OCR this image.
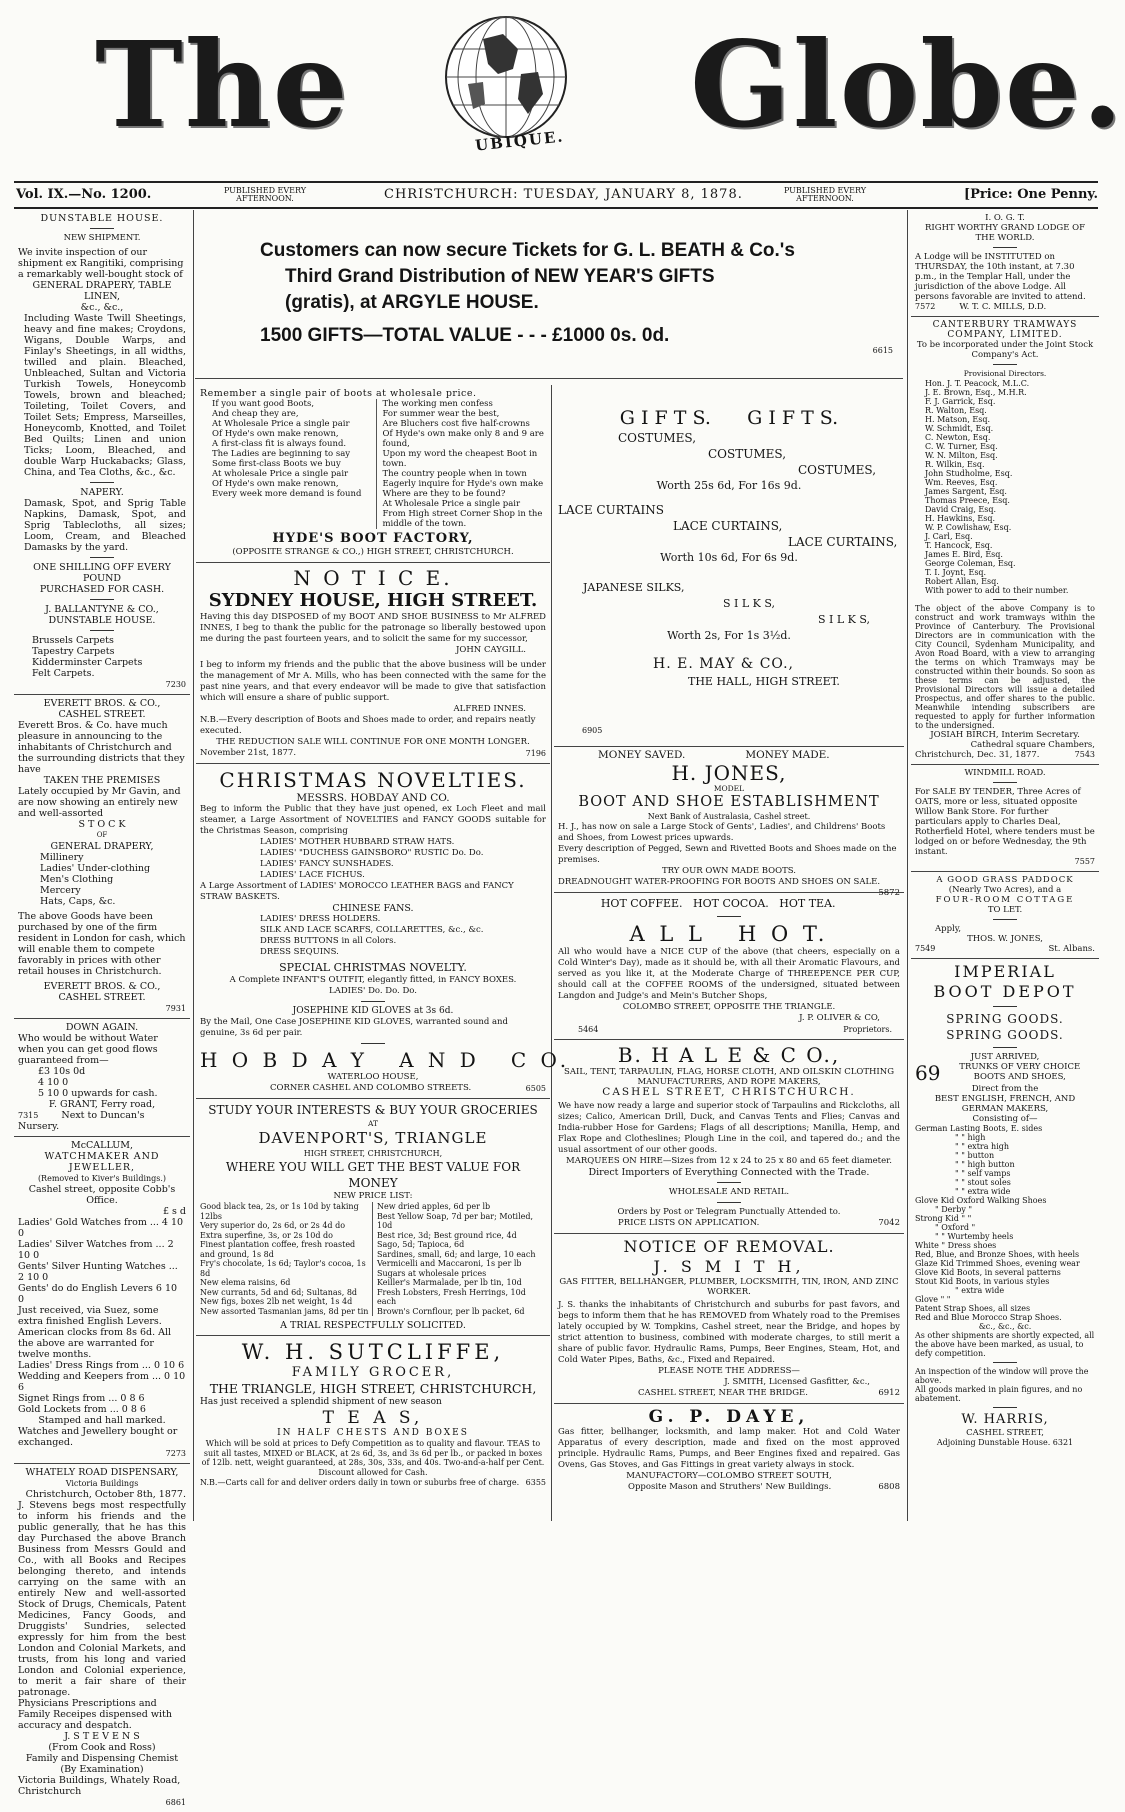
The	UBIQUE. Globe.
Vol. IX.—No. 1200.	PUBLISHED EVERY AFTERNOON.	CHRISTCHURCH: TUESDAY, JANUARY 8, 1878.	PUBLISHED EVERY AFTERNOON.	[Price: One Penny.

DUNSTABLE HOUSE.

NEW SHIPMENT.

We invite inspection of our shipment ex Rangitiki, comprising a remarkably well-bought stock of

GENERAL DRAPERY, TABLE LINEN,

&c., &c.,

Including Waste Twill Sheetings, heavy and fine makes; Croydons, Wigans, Double Warps, and Finlay's Sheetings, in all widths, twilled and plain. Bleached, Unbleached, Sultan and Victoria Turkish Towels, Honeycomb Towels, brown and bleached; Toileting, Toilet Covers, and Toilet Sets; Empress, Marseilles, Honeycomb, Knotted, and Toilet Bed Quilts; Linen and union Ticks; Loom, Bleached, and double Warp Huckabacks; Glass, China, and Tea Cloths, &c., &c.

NAPERY.

Damask, Spot, and Sprig Table Napkins, Damask, Spot, and Sprig Tablecloths, all sizes; Loom, Cream, and Bleached Damasks by the yard.

ONE SHILLING OFF EVERY POUND

PURCHASED FOR CASH.

J. BALLANTYNE & CO.,

DUNSTABLE HOUSE.

Brussels Carpets

Tapestry Carpets

Kidderminster Carpets

Felt Carpets.

7230

EVERETT BROS. & CO.,

CASHEL STREET.

Everett Bros. & Co. have much pleasure in announcing to the inhabitants of Christchurch and the surrounding districts that they have

TAKEN THE PREMISES

Lately occupied by Mr Gavin, and are now showing an entirely new and well-assorted

S T O C K

OF

GENERAL DRAPERY,

Millinery

Ladies' Under-clothing

Men's Clothing

Mercery

Hats, Caps, &c.

The above Goods have been purchased by one of the firm resident in London for cash, which will enable them to compete favorably in prices with other retail houses in Christchurch.

EVERETT BROS. & CO.,

CASHEL STREET.

7931

DOWN AGAIN.

Who would be without Water when you can get good flows guaranteed from—

£3 10s 0d

4 10 0

5 10 0 upwards for cash.

F. GRANT, Ferry road,

7315 Next to Duncan's Nursery.

McCALLUM,

WATCHMAKER AND JEWELLER,

(Removed to Kiver's Buildings.)

Cashel street, opposite Cobb's Office.

£ s d

Ladies' Gold Watches from ... 4 10 0

Ladies' Silver Watches from ... 2 10 0

Gents' Silver Hunting Watches ... 2 10 0

Gents' do do English Levers 6 10 0

Just received, via Suez, some extra finished English Levers. American clocks from 8s 6d. All the above are warranted for twelve months.

Ladies' Dress Rings from ... 0 10 6

Wedding and Keepers from ... 0 10 6

Signet Rings from ... 0 8 6

Gold Lockets from ... 0 8 6

Stamped and hall marked.

Watches and Jewellery bought or exchanged.

7273

WHATELY ROAD DISPENSARY,

Victoria Buildings

Christchurch, October 8th, 1877.

J. Stevens begs most respectfully to inform his friends and the public generally, that he has this day Purchased the above Branch Business from Messrs Gould and Co., with all Books and Recipes belonging thereto, and intends carrying on the same with an entirely New and well-assorted Stock of Drugs, Chemicals, Patent Medicines, Fancy Goods, and Druggists' Sundries, selected expressly for him from the best London and Colonial Markets, and trusts, from his long and varied London and Colonial experience, to merit a fair share of their patronage.

Physicians Prescriptions and Family Receipes dispensed with accuracy and despatch.

J. S T E V E N S

(From Cook and Ross)

Family and Dispensing Chemist

(By Examination)

Victoria Buildings, Whately Road, Christchurch

6861

Customers can now secure Tickets for G. L. BEATH & Co.'s

Third Grand Distribution of NEW YEAR'S GIFTS

(gratis), at ARGYLE HOUSE.

1500 GIFTS—TOTAL VALUE - - - £1000 0s. 0d.

6615

Remember a single pair of boots at wholesale price.

If you want good Boots,

And cheap they are,

At Wholesale Price a single pair

Of Hyde's own make renown,

A first-class fit is always found.

The Ladies are beginning to say

Some first-class Boots we buy

At wholesale Price a single pair

Of Hyde's own make renown,

Every week more demand is found

The working men confess

For summer wear the best,

Are Bluchers cost five half-crowns

Of Hyde's own make only 8 and 9 are found,

Upon my word the cheapest Boot in town.

The country people when in town

Eagerly inquire for Hyde's own make

Where are they to be found?

At Wholesale Price a single pair

From High street Corner Shop in the middle of the town.

HYDE'S BOOT FACTORY,

(OPPOSITE STRANGE & CO.,) HIGH STREET, CHRISTCHURCH.

N O T I C E.

SYDNEY HOUSE, HIGH STREET.

Having this day DISPOSED of my BOOT AND SHOE BUSINESS to Mr ALFRED INNES, I beg to thank the public for the patronage so liberally bestowed upon me during the past fourteen years, and to solicit the same for my successor,

JOHN CAYGILL.

I beg to inform my friends and the public that the above business will be under the management of Mr A. Mills, who has been connected with the same for the past nine years, and that every endeavor will be made to give that satisfaction which will ensure a share of public support.

ALFRED INNES.

N.B.—Every description of Boots and Shoes made to order, and repairs neatly executed.

THE REDUCTION SALE WILL CONTINUE FOR ONE MONTH LONGER.

November 21st, 1877.	7196

CHRISTMAS NOVELTIES.

MESSRS. HOBDAY AND CO.

Beg to inform the Public that they have just opened, ex Loch Fleet and mail steamer, a Large Assortment of NOVELTIES and FANCY GOODS suitable for the Christmas Season, comprising

LADIES' MOTHER HUBBARD STRAW HATS.

LADIES' "DUCHESS GAINSBORO" RUSTIC Do. Do.

LADIES' FANCY SUNSHADES.

LADIES' LACE FICHUS.

A Large Assortment of LADIES' MOROCCO LEATHER BAGS and FANCY STRAW BASKETS.

CHINESE FANS.

LADIES' DRESS HOLDERS.

SILK AND LACE SCARFS, COLLARETTES, &c., &c.

DRESS BUTTONS in all Colors.

DRESS SEQUINS.

SPECIAL CHRISTMAS NOVELTY.

A Complete INFANT'S OUTFIT, elegantly fitted, in FANCY BOXES.

LADIES' Do. Do. Do.

JOSEPHINE KID GLOVES at 3s 6d.

By the Mail, One Case JOSEPHINE KID GLOVES, warranted sound and genuine, 3s 6d per pair.

H O B D A Y   A N D   C O.

WATERLOO HOUSE,

CORNER CASHEL AND COLOMBO STREETS.	6505

STUDY YOUR INTERESTS & BUY YOUR GROCERIES

AT

DAVENPORT'S, TRIANGLE

HIGH STREET, CHRISTCHURCH,

WHERE YOU WILL GET THE BEST VALUE FOR MONEY

NEW PRICE LIST:

Good black tea, 2s, or 1s 10d by taking 12lbs

Very superior do, 2s 6d, or 2s 4d do

Extra superfine, 3s, or 2s 10d do

Finest plantation coffee, fresh roasted and ground, 1s 8d

Fry's chocolate, 1s 6d; Taylor's cocoa, 1s 8d

New elema raisins, 6d

New currants, 5d and 6d; Sultanas, 8d

New figs, boxes 2lb net weight, 1s 4d

New assorted Tasmanian jams, 8d per tin

New dried apples, 6d per lb

Best Yellow Soap, 7d per bar; Motiled, 10d

Best rice, 3d; Best ground rice, 4d

Sago, 5d; Tapioca, 6d

Sardines, small, 6d; and large, 10 each

Vermicelli and Maccaroni, 1s per lb

Sugars at wholesale prices

Keiller's Marmalade, per lb tin, 10d

Fresh Lobsters, Fresh Herrings, 10d each

Brown's Cornflour, per lb packet, 6d

A TRIAL RESPECTFULLY SOLICITED.

W. H. SUTCLIFFE,

FAMILY GROCER,

THE TRIANGLE, HIGH STREET, CHRISTCHURCH,

Has just received a splendid shipment of new season

T E A S,

IN HALF CHESTS AND BOXES

Which will be sold at prices to Defy Competition as to quality and flavour. TEAS to suit all tastes, MIXED or BLACK, at 2s 6d, 3s, and 3s 6d per lb., or packed in boxes of 12lb. nett, weight guaranteed, at 28s, 30s, 33s, and 40s. Two-and-a-half per Cent. Discount allowed for Cash.

N.B.—Carts call for and deliver orders daily in town or suburbs free of charge. 6355

G I F T S.      G I F T S.

COSTUMES,

COSTUMES,

COSTUMES,

Worth 25s 6d, For 16s 9d.

LACE CURTAINS

LACE CURTAINS,

LACE CURTAINS,

Worth 10s 6d, For 6s 9d.

JAPANESE SILKS,

S I L K S,

S I L K S,

Worth 2s, For 1s 3½d.

H. E. MAY & CO.,

THE HALL, HIGH STREET.

6905

MONEY SAVED.	MONEY MADE.

H. JONES,

MODEL

BOOT AND SHOE ESTABLISHMENT

Next Bank of Australasia, Cashel street.

H. J., has now on sale a Large Stock of Gents', Ladies', and Childrens' Boots and Shoes, from Lowest prices upwards.

Every description of Pegged, Sewn and Rivetted Boots and Shoes made on the premises.

TRY OUR OWN MADE BOOTS.

DREADNOUGHT WATER-PROOFING FOR BOOTS AND SHOES ON SALE.
5872

HOT COFFEE.   HOT COCOA.   HOT TEA.

A L L   H O T.

All who would have a NICE CUP of the above (that cheers, especially on a Cold Winter's Day), made as it should be, with all their Aromatic Flavours, and served as you like it, at the Moderate Charge of THREEPENCE PER CUP, should call at the COFFEE ROOMS of the undersigned, situated between Langdon and Judge's and Mein's Butcher Shops,

COLOMBO STREET, OPPOSITE THE TRIANGLE.

J. P. OLIVER & CO,

5464	Proprietors.

B. H A L E & C O.,

SAIL, TENT, TARPAULIN, FLAG, HORSE CLOTH, AND OILSKIN CLOTHING MANUFACTURERS, AND ROPE MAKERS,

CASHEL STREET, CHRISTCHURCH.

We have now ready a large and superior stock of Tarpaulins and Rickcloths, all sizes; Calico, American Drill, Duck, and Canvas Tents and Flies; Canvas and India-rubber Hose for Gardens; Flags of all descriptions; Manilla, Hemp, and Flax Rope and Clotheslines; Plough Line in the coil, and tapered do.; and the usual assortment of our other goods.

MARQUEES ON HIRE—Sizes from 12 x 24 to 25 x 80 and 65 feet diameter.

Direct Importers of Everything Connected with the Trade.

WHOLESALE AND RETAIL.

Orders by Post or Telegram Punctually Attended to.

PRICE LISTS ON APPLICATION.	7042

NOTICE OF REMOVAL.

J. S M I T H,

GAS FITTER, BELLHANGER, PLUMBER, LOCKSMITH, TIN, IRON, AND ZINC WORKER.

J. S. thanks the inhabitants of Christchurch and suburbs for past favors, and begs to inform them that he has REMOVED from Whately road to the Premises lately occupied by W. Tompkins, Cashel street, near the Bridge, and hopes by strict attention to business, combined with moderate charges, to still merit a share of public favor. Hydraulic Rams, Pumps, Beer Engines, Steam, Hot, and Cold Water Pipes, Baths, &c., Fixed and Repaired.

PLEASE NOTE THE ADDRESS—

J. SMITH, Licensed Gasfitter, &c.,

CASHEL STREET, NEAR THE BRIDGE.	6912

G. P. DAYE,

Gas fitter, bellhanger, locksmith, and lamp maker. Hot and Cold Water Apparatus of every description, made and fixed on the most approved principle. Hydraulic Rams, Pumps, and Beer Engines fixed and repaired. Gas Ovens, Gas Stoves, and Gas Fittings in great variety always in stock.

MANUFACTORY—COLOMBO STREET SOUTH,

Opposite Mason and Struthers' New Buildings.	6808

I. O. G. T.

RIGHT WORTHY GRAND LODGE OF THE WORLD.

A Lodge will be INSTITUTED on THURSDAY, the 10th instant, at 7.30 p.m., in the Templar Hall, under the jurisdiction of the above Lodge. All persons favorable are invited to attend.

7572	W. T. C. MILLS, D.D.

CANTERBURY TRAMWAYS COMPANY, LIMITED.

To be incorporated under the Joint Stock Company's Act.

Provisional Directors.

Hon. J. T. Peacock, M.L.C.

J. E. Brown, Esq., M.H.R.

F. J. Garrick, Esq.

R. Walton, Esq.

H. Matson, Esq.

W. Schmidt, Esq.

C. Newton, Esq.

C. W. Turner, Esq.

W. N. Milton, Esq.

R. Wilkin, Esq.

John Studholme, Esq.

Wm. Reeves, Esq.

James Sargent, Esq.

Thomas Preece, Esq.

David Craig, Esq.

H. Hawkins, Esq.

W. P. Cowlishaw, Esq.

J. Carl, Esq.

T. Hancock, Esq.

James E. Bird, Esq.

George Coleman, Esq.

T. I. Joynt, Esq.

Robert Allan, Esq.

With power to add to their number.

The object of the above Company is to construct and work tramways within the Province of Canterbury. The Provisional Directors are in communication with the City Council, Sydenham Municipality, and Avon Road Board, with a view to arranging the terms on which Tramways may be constructed within their bounds. So soon as these terms can be adjusted, the Provisional Directors will issue a detailed Prospectus, and offer shares to the public. Meanwhile intending subscribers are requested to apply for further information to the undersigned.

JOSIAH BIRCH, Interim Secretary.

Cathedral square Chambers,

Christchurch, Dec. 31, 1877.	7543

WINDMILL ROAD.

For SALE BY TENDER, Three Acres of OATS, more or less, situated opposite Willow Bank Store. For further particulars apply to Charles Deal, Rotherfield Hotel, where tenders must be lodged on or before Wednesday, the 9th instant.

7557

A GOOD GRASS PADDOCK

(Nearly Two Acres), and a

FOUR-ROOM COTTAGE

TO LET.

Apply,

THOS. W. JONES,

7549	St. Albans.

IMPERIAL

BOOT DEPOT

SPRING GOODS.

SPRING GOODS.

JUST ARRIVED,

69	TRUNKS OF VERY CHOICE BOOTS AND SHOES,

Direct from the

BEST ENGLISH, FRENCH, AND

GERMAN MAKERS,

Consisting of—

German Lasting Boots, E. sides

" " high

" " extra high

" " button

" " high button

" " self vamps

" " stout soles

" " extra wide

Glove Kid Oxford Walking Shoes

" Derby "

Strong Kid " "

" Oxford "

" " Wurtemby heels

White " Dress shoes

Red, Blue, and Bronze Shoes, with heels

Glaze Kid Trimmed Shoes, evening wear

Glove Kid Boots, in several patterns

Stout Kid Boots, in various styles

" extra wide

Glove " "

Patent Strap Shoes, all sizes

Red and Blue Morocco Strap Shoes.

&c., &c., &c.

As other shipments are shortly expected, all the above have been marked, as usual, to defy competition.

An inspection of the window will prove the above.

All goods marked in plain figures, and no abatement.

W. HARRIS,

CASHEL STREET,

Adjoining Dunstable House. 6321
